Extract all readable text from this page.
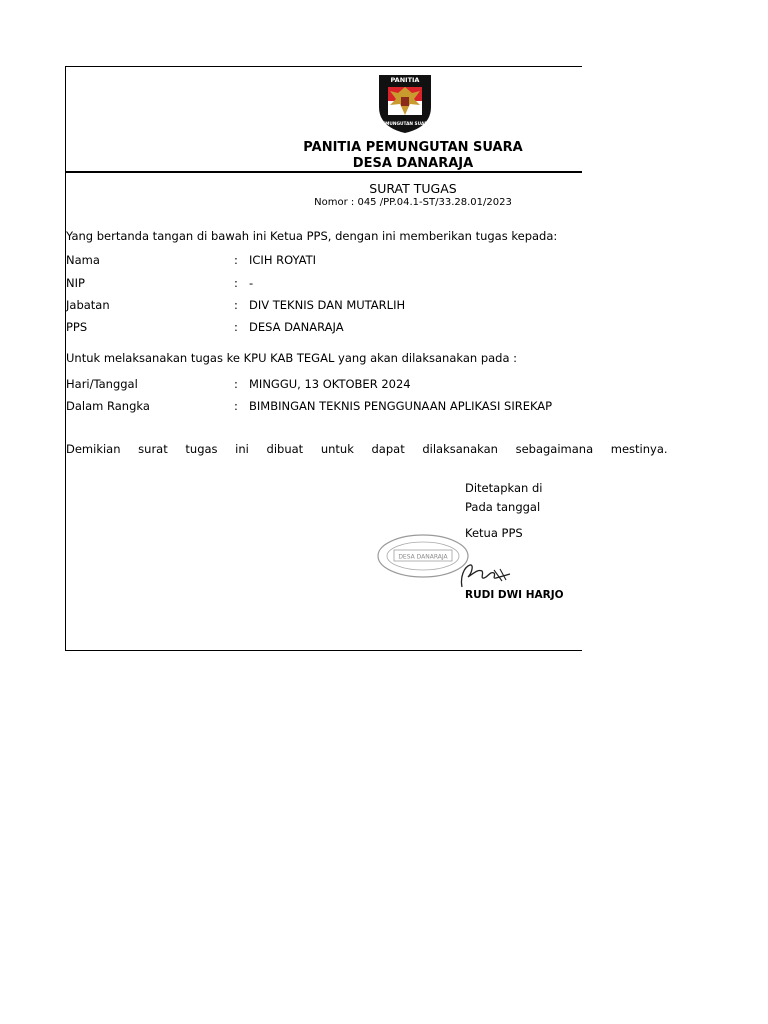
PANITIA
PEMUNGUTAN SUARA
PANITIA PEMUNGUTAN SUARA
DESA DANARAJA
SURAT TUGAS
Nomor : 045 /PP.04.1-ST/33.28.01/2023
Yang bertanda tangan di bawah ini Ketua PPS, dengan ini memberikan tugas kepada:
Nama	: ICIH ROYATI
NIP	: -
Jabatan	: DIV TEKNIS DAN MUTARLIH
PPS	: DESA DANARAJA
Untuk melaksanakan tugas ke KPU KAB TEGAL yang akan dilaksanakan pada :
Hari/Tanggal	: MINGGU, 13 OKTOBER 2024
Dalam Rangka	: BIMBINGAN TEKNIS PENGGUNAAN APLIKASI SIREKAP
Demikian surat tugas ini dibuat untuk dapat dilaksanakan sebagaimana mestinya.
Ditetapkan di
Pada tanggal
Ketua PPS
DESA DANARAJA
RUDI DWI HARJO
